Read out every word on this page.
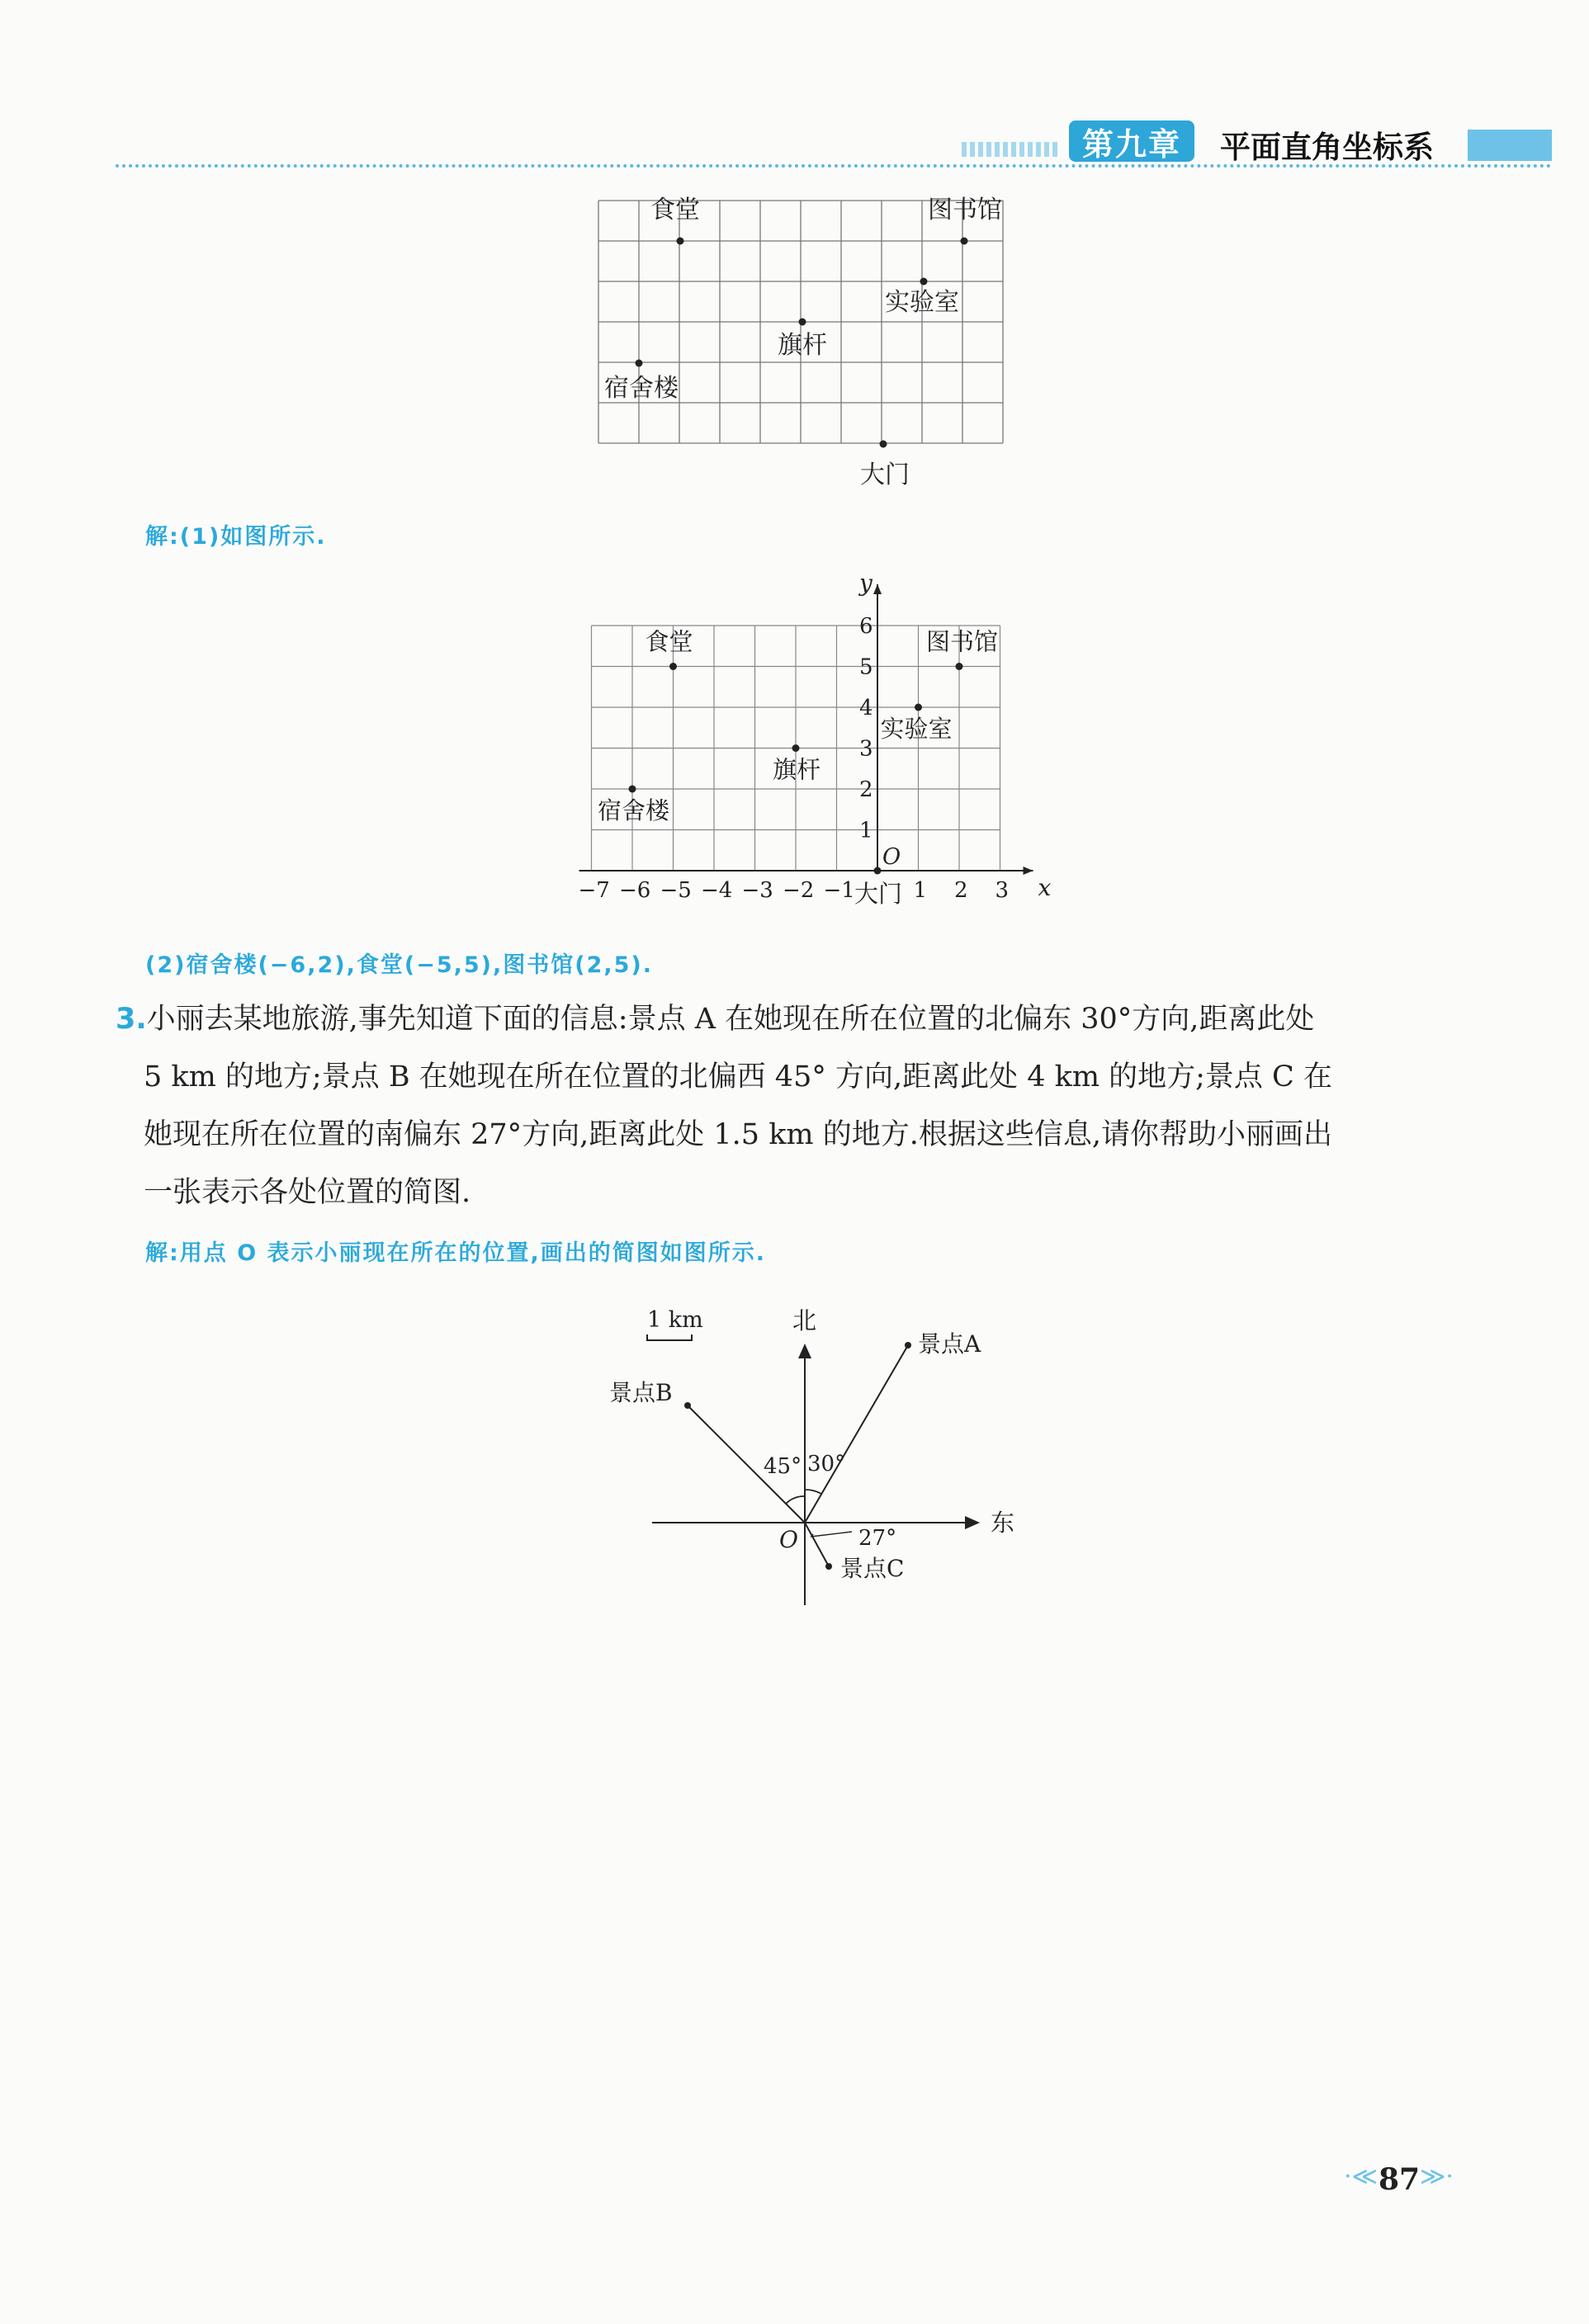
第九章	平面直角坐标系
食堂	图书馆
实验室
旗杆
宿舍楼
大门
解:(1)如图所示.
x
y
O
−7 −6 −5 −4 −3 −2 −1	1 2 3
1
2
3
4
5
6
宿舍楼
食堂
旗杆
实验室
图书馆
大门
(2)宿舍楼(−6,2),食堂(−5,5),图书馆(2,5).
3.小丽去某地旅游,事先知道下面的信息:景点 A 在她现在所在位置的北偏东 30°方向,距离此处
5 km 的地方;景点 B 在她现在所在位置的北偏西 45° 方向,距离此处 4 km 的地方;景点 C 在
她现在所在位置的南偏东 27°方向,距离此处 1.5 km 的地方.根据这些信息,请你帮助小丽画出
一张表示各处位置的简图.
解:用点 O 表示小丽现在所在的位置,画出的简图如图所示.
1 km	北
东
O
45° 30°
27°
景点A
景点B
景点C
·≪ 87 ≫·
